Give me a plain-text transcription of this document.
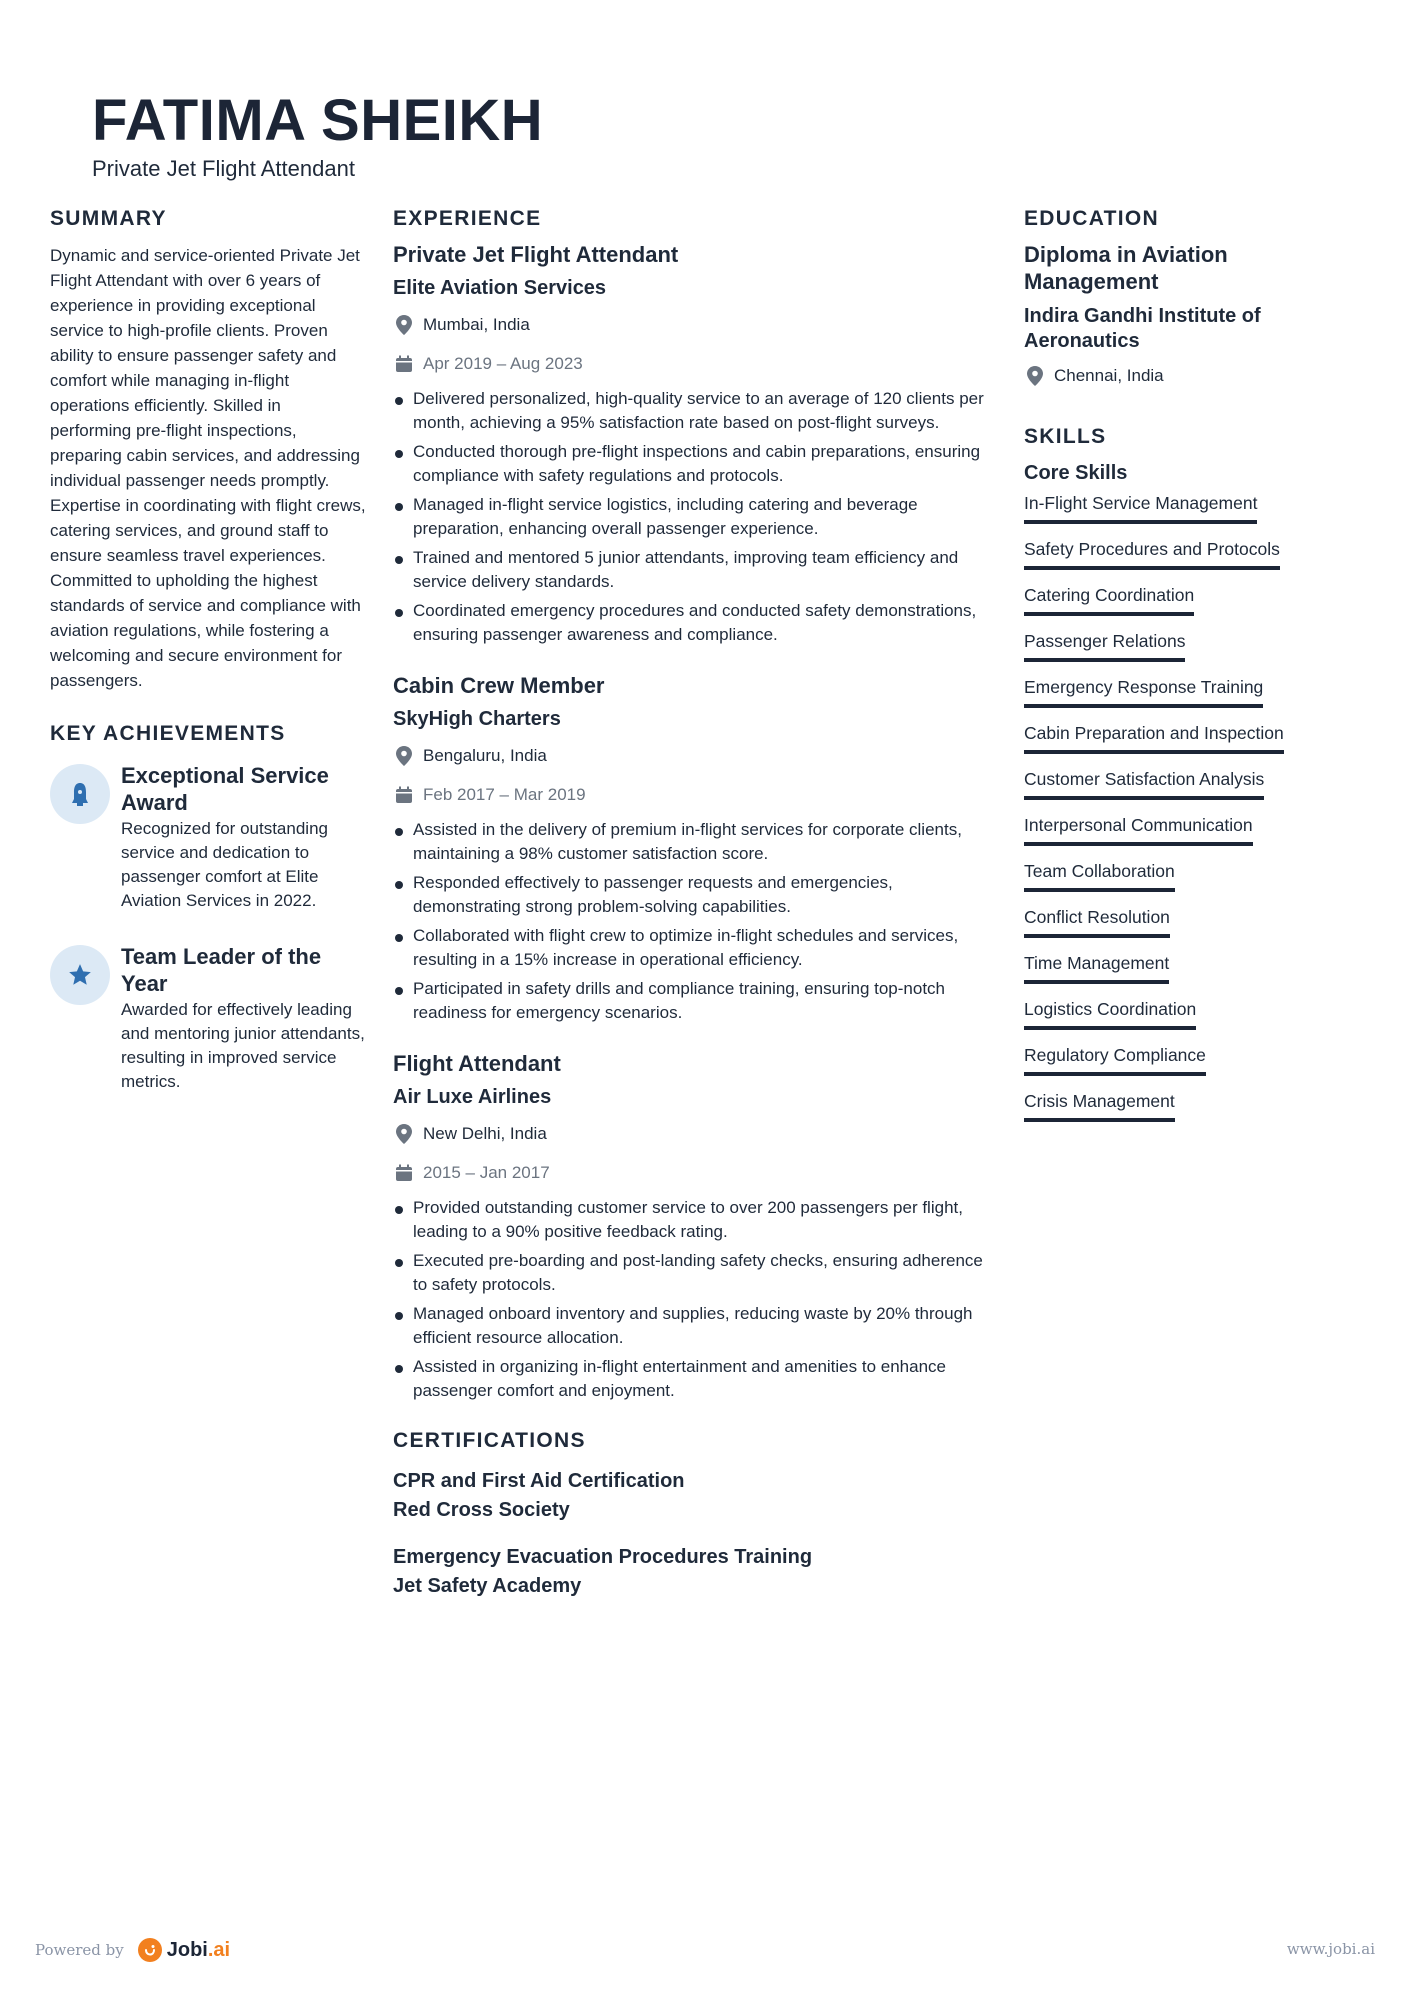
FATIMA SHEIKH
Private Jet Flight Attendant
SUMMARY
Dynamic and service-oriented Private Jet Flight Attendant with over 6 years of experience in providing exceptional service to high-profile clients. Proven ability to ensure passenger safety and comfort while managing in-flight operations efficiently. Skilled in performing pre-flight inspections, preparing cabin services, and addressing individual passenger needs promptly. Expertise in coordinating with flight crews, catering services, and ground staff to ensure seamless travel experiences. Committed to upholding the highest standards of service and compliance with aviation regulations, while fostering a welcoming and secure environment for passengers.
KEY ACHIEVEMENTS
Exceptional Service Award
Recognized for outstanding service and dedication to passenger comfort at Elite Aviation Services in 2022.
Team Leader of the Year
Awarded for effectively leading and mentoring junior attendants, resulting in improved service metrics.
EXPERIENCE
Private Jet Flight Attendant
Elite Aviation Services
Mumbai, India
Apr 2019 – Aug 2023
Delivered personalized, high-quality service to an average of 120 clients per month, achieving a 95% satisfaction rate based on post-flight surveys.
Conducted thorough pre-flight inspections and cabin preparations, ensuring compliance with safety regulations and protocols.
Managed in-flight service logistics, including catering and beverage preparation, enhancing overall passenger experience.
Trained and mentored 5 junior attendants, improving team efficiency and service delivery standards.
Coordinated emergency procedures and conducted safety demonstrations, ensuring passenger awareness and compliance.
Cabin Crew Member
SkyHigh Charters
Bengaluru, India
Feb 2017 – Mar 2019
Assisted in the delivery of premium in-flight services for corporate clients, maintaining a 98% customer satisfaction score.
Responded effectively to passenger requests and emergencies, demonstrating strong problem-solving capabilities.
Collaborated with flight crew to optimize in-flight schedules and services, resulting in a 15% increase in operational efficiency.
Participated in safety drills and compliance training, ensuring top-notch readiness for emergency scenarios.
Flight Attendant
Air Luxe Airlines
New Delhi, India
2015 – Jan 2017
Provided outstanding customer service to over 200 passengers per flight, leading to a 90% positive feedback rating.
Executed pre-boarding and post-landing safety checks, ensuring adherence to safety protocols.
Managed onboard inventory and supplies, reducing waste by 20% through efficient resource allocation.
Assisted in organizing in-flight entertainment and amenities to enhance passenger comfort and enjoyment.
CERTIFICATIONS
CPR and First Aid Certification
Red Cross Society
Emergency Evacuation Procedures Training
Jet Safety Academy
EDUCATION
Diploma in Aviation Management
Indira Gandhi Institute of Aeronautics
Chennai, India
SKILLS
Core Skills
In-Flight Service Management
Safety Procedures and Protocols
Catering Coordination
Passenger Relations
Emergency Response Training
Cabin Preparation and Inspection
Customer Satisfaction Analysis
Interpersonal Communication
Team Collaboration
Conflict Resolution
Time Management
Logistics Coordination
Regulatory Compliance
Crisis Management
Powered by Jobi .ai	www.jobi.ai
